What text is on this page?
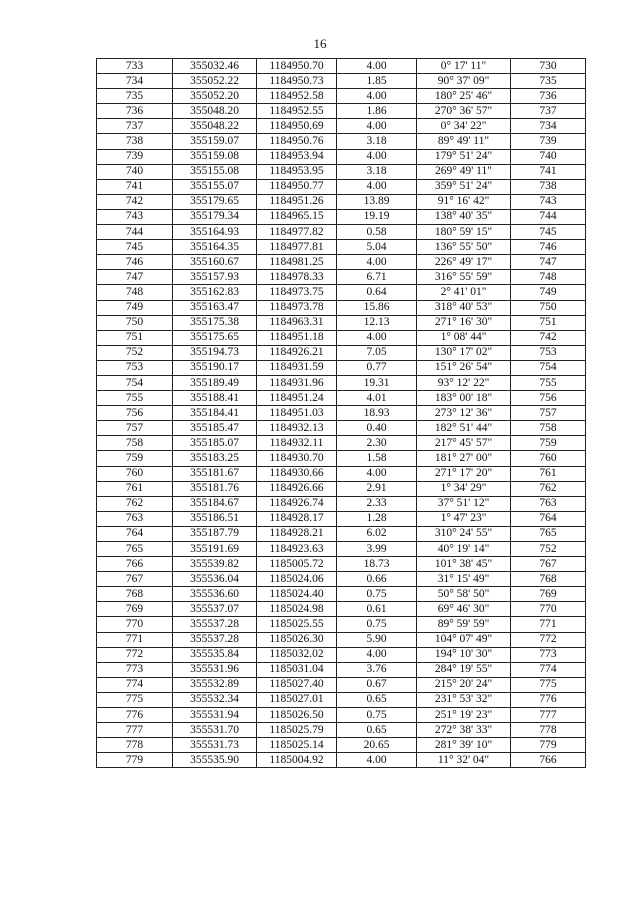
16
733	355032.46	1184950.70	4.00	0° 17' 11"	730
734	355052.22	1184950.73	1.85	90° 37' 09"	735
735	355052.20	1184952.58	4.00	180° 25' 46"	736
736	355048.20	1184952.55	1.86	270° 36' 57"	737
737	355048.22	1184950.69	4.00	0° 34' 22"	734
738	355159.07	1184950.76	3.18	89° 49' 11"	739
739	355159.08	1184953.94	4.00	179° 51' 24"	740
740	355155.08	1184953.95	3.18	269° 49' 11"	741
741	355155.07	1184950.77	4.00	359° 51' 24"	738
742	355179.65	1184951.26	13.89	91° 16' 42"	743
743	355179.34	1184965.15	19.19	138° 40' 35"	744
744	355164.93	1184977.82	0.58	180° 59' 15"	745
745	355164.35	1184977.81	5.04	136° 55' 50"	746
746	355160.67	1184981.25	4.00	226° 49' 17"	747
747	355157.93	1184978.33	6.71	316° 55' 59"	748
748	355162.83	1184973.75	0.64	2° 41' 01"	749
749	355163.47	1184973.78	15.86	318° 40' 53"	750
750	355175.38	1184963.31	12.13	271° 16' 30"	751
751	355175.65	1184951.18	4.00	1° 08' 44"	742
752	355194.73	1184926.21	7.05	130° 17' 02"	753
753	355190.17	1184931.59	0.77	151° 26' 54"	754
754	355189.49	1184931.96	19.31	93° 12' 22"	755
755	355188.41	1184951.24	4.01	183° 00' 18"	756
756	355184.41	1184951.03	18.93	273° 12' 36"	757
757	355185.47	1184932.13	0.40	182° 51' 44"	758
758	355185.07	1184932.11	2.30	217° 45' 57"	759
759	355183.25	1184930.70	1.58	181° 27' 00"	760
760	355181.67	1184930.66	4.00	271° 17' 20"	761
761	355181.76	1184926.66	2.91	1° 34' 29"	762
762	355184.67	1184926.74	2.33	37° 51' 12"	763
763	355186.51	1184928.17	1.28	1° 47' 23"	764
764	355187.79	1184928.21	6.02	310° 24' 55"	765
765	355191.69	1184923.63	3.99	40° 19' 14"	752
766	355539.82	1185005.72	18.73	101° 38' 45"	767
767	355536.04	1185024.06	0.66	31° 15' 49"	768
768	355536.60	1185024.40	0.75	50° 58' 50"	769
769	355537.07	1185024.98	0.61	69° 46' 30"	770
770	355537.28	1185025.55	0.75	89° 59' 59"	771
771	355537.28	1185026.30	5.90	104° 07' 49"	772
772	355535.84	1185032.02	4.00	194° 10' 30"	773
773	355531.96	1185031.04	3.76	284° 19' 55"	774
774	355532.89	1185027.40	0.67	215° 20' 24"	775
775	355532.34	1185027.01	0.65	231° 53' 32"	776
776	355531.94	1185026.50	0.75	251° 19' 23"	777
777	355531.70	1185025.79	0.65	272° 38' 33"	778
778	355531.73	1185025.14	20.65	281° 39' 10"	779
779	355535.90	1185004.92	4.00	11° 32' 04"	766
